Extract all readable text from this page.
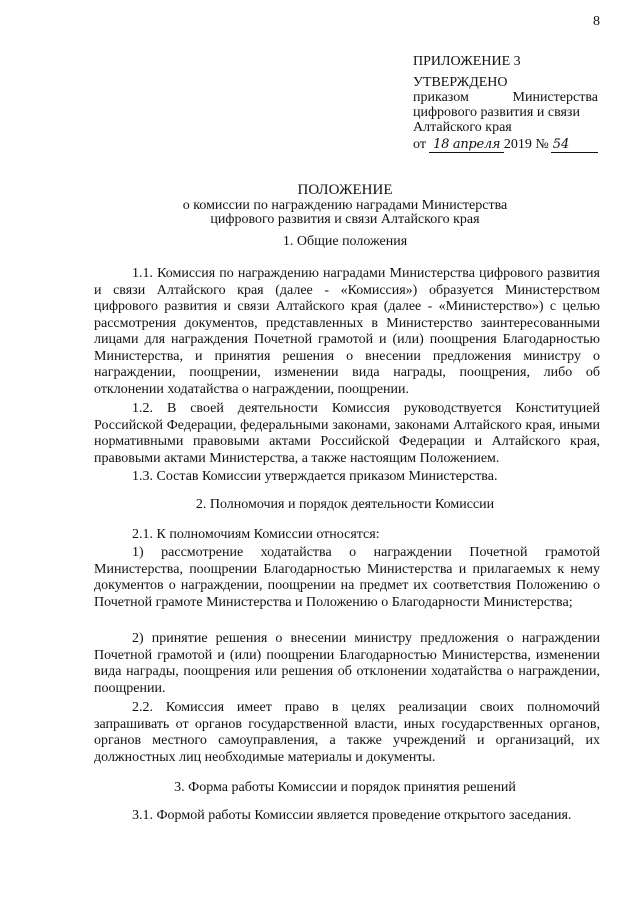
8
ПРИЛОЖЕНИЕ 3
УТВЕРЖДЕНО
приказом	Министерства
цифрового развития и связи
Алтайского края
от
18 апреля 2019
№ 54
ПОЛОЖЕНИЕ
о комиссии по награждению наградами Министерства
цифрового развития и связи Алтайского края
1. Общие положения

1.1. Комиссия по награждению наградами Министерства цифрового развития и связи Алтайского края (далее - «Комиссия») образуется Министерством цифрового развития и связи Алтайского края (далее - «Министерство») с целью рассмотрения документов, представленных в Министерство заинтересованными лицами для награждения Почетной грамотой и (или) поощрения Благодарностью Министерства, и принятия решения о внесении предложения министру о награждении, поощрении, изменении вида награды, поощрения, либо об отклонении ходатайства о награждении, поощрении.

1.2. В своей деятельности Комиссия руководствуется Конституцией Российской Федерации, федеральными законами, законами Алтайского края, иными нормативными правовыми актами Российской Федерации и Алтайского края, правовыми актами Министерства, а также настоящим Положением.

1.3. Состав Комиссии утверждается приказом Министерства.

2. Полномочия и порядок деятельности Комиссии

2.1. К полномочиям Комиссии относятся:

1) рассмотрение ходатайства о награждении Почетной грамотой Министерства, поощрении Благодарностью Министерства и прилагаемых к нему документов о награждении, поощрении на предмет их соответствия Положению о Почетной грамоте Министерства и Положению о Благодарности Министерства;

2) принятие решения о внесении министру предложения о награждении Почетной грамотой и (или) поощрении Благодарностью Министерства, изменении вида награды, поощрения или решения об отклонении ходатайства о награждении, поощрении.

2.2. Комиссия имеет право в целях реализации своих полномочий запрашивать от органов государственной власти, иных государственных органов, органов местного самоуправления, а также учреждений и организаций, их должностных лиц необходимые материалы и документы.

3. Форма работы Комиссии и порядок принятия решений

3.1. Формой работы Комиссии является проведение открытого заседания.
